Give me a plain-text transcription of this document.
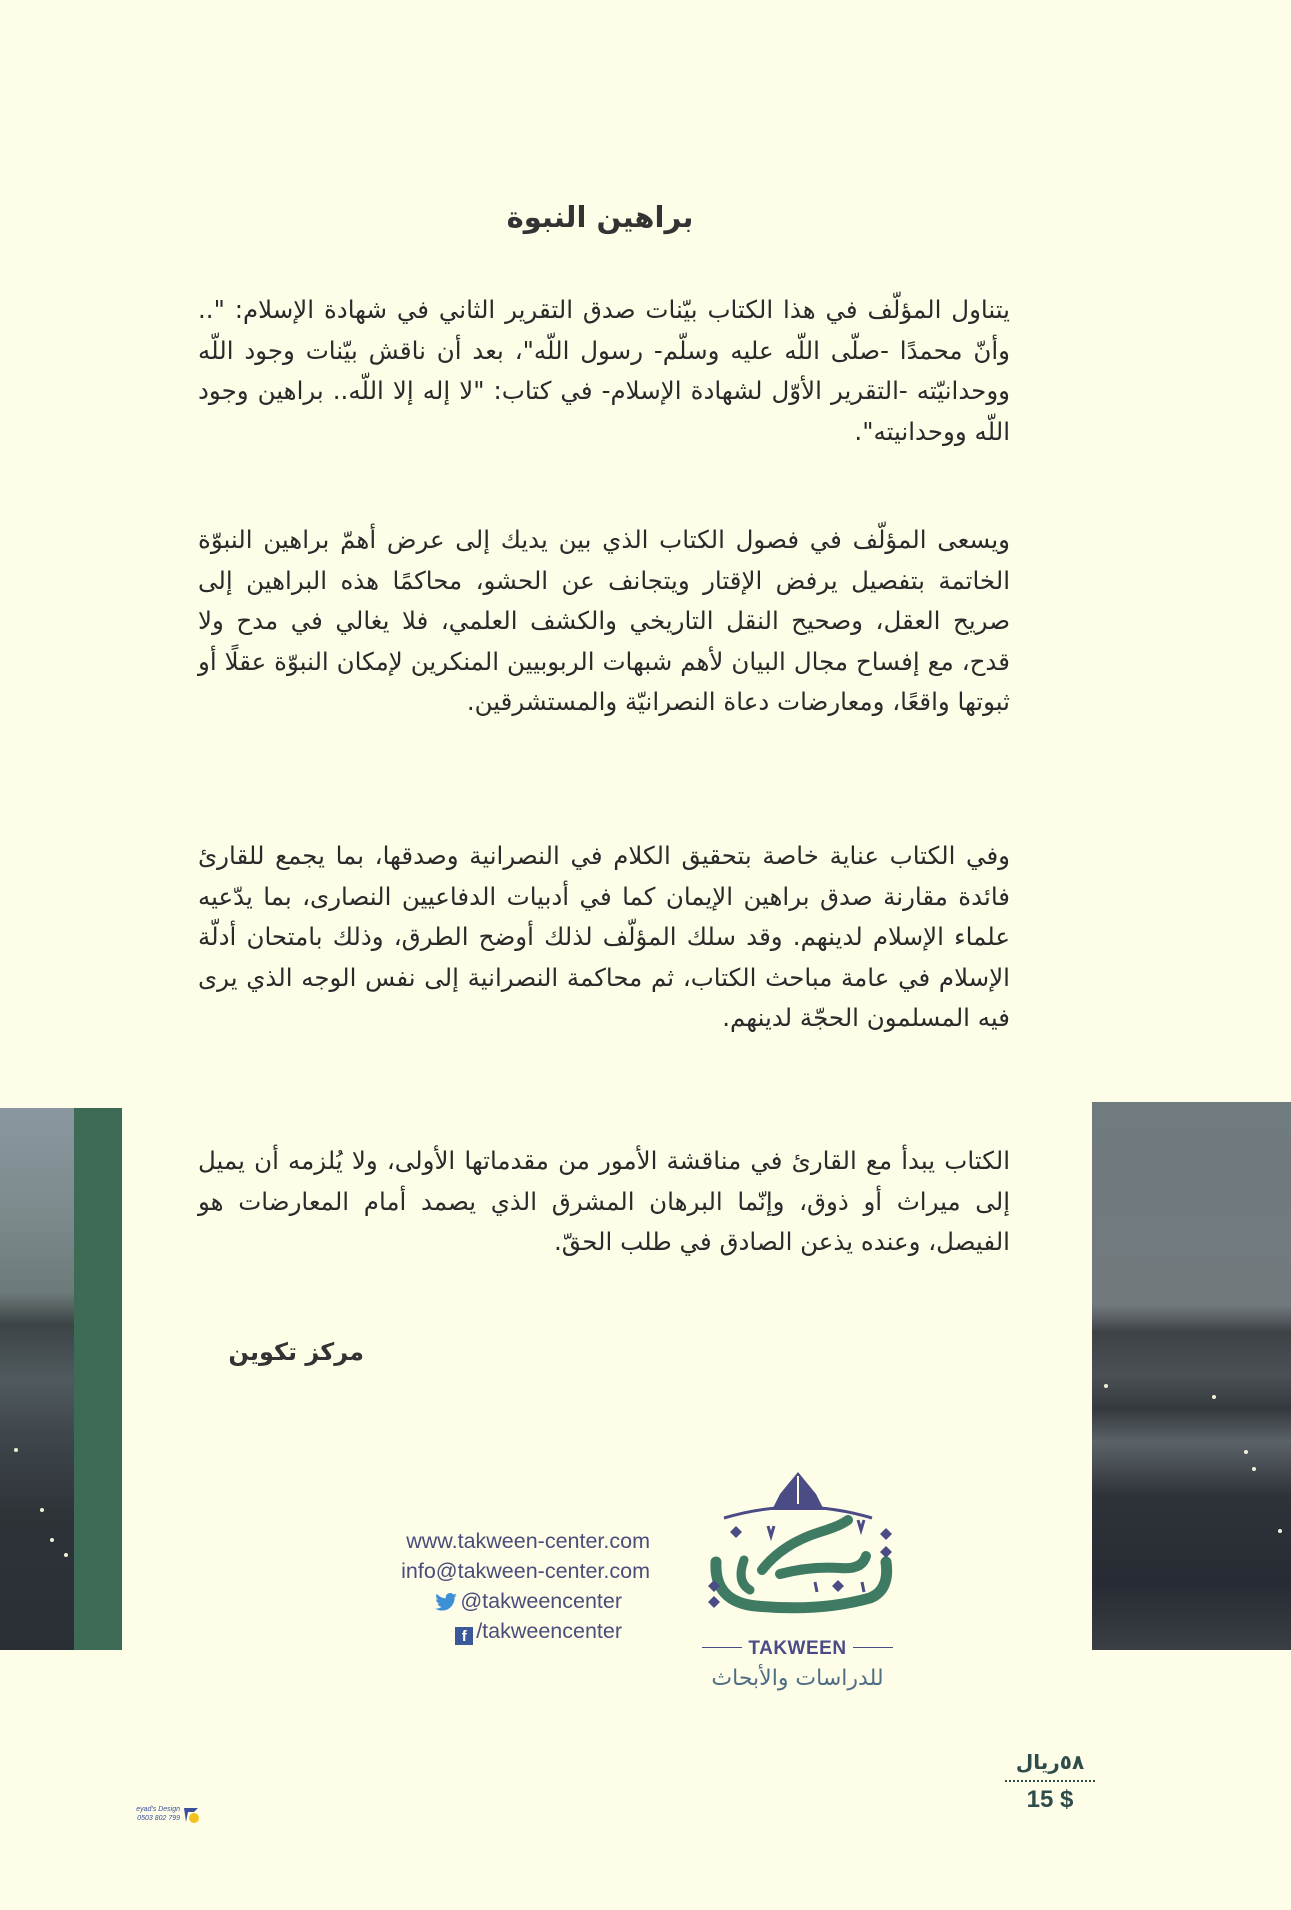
براهين النبوة
يتناول المؤلّف في هذا الكتاب بيّنات صدق التقرير الثاني في شهادة الإسلام: ".. وأنّ محمدًا -صلّى اللّه عليه وسلّم- رسول اللّه"، بعد أن ناقش بيّنات وجود اللّه ووحدانيّته -التقرير الأوّل لشهادة الإسلام- في كتاب: "لا إله إلا اللّه.. براهين وجود اللّه ووحدانيته".
ويسعى المؤلّف في فصول الكتاب الذي بين يديك إلى عرض أهمّ براهين النبوّة الخاتمة بتفصيل يرفض الإقتار ويتجانف عن الحشو، محاكمًا هذه البراهين إلى صريح العقل، وصحيح النقل التاريخي والكشف العلمي، فلا يغالي في مدح ولا قدح، مع إفساح مجال البيان لأهم شبهات الربوبيين المنكرين لإمكان النبوّة عقلًا أو ثبوتها واقعًا، ومعارضات دعاة النصرانيّة والمستشرقين.
وفي الكتاب عناية خاصة بتحقيق الكلام في النصرانية وصدقها، بما يجمع للقارئ فائدة مقارنة صدق براهين الإيمان كما في أدبيات الدفاعيين النصارى، بما يدّعيه علماء الإسلام لدينهم. وقد سلك المؤلّف لذلك أوضح الطرق، وذلك بامتحان أدلّة الإسلام في عامة مباحث الكتاب، ثم محاكمة النصرانية إلى نفس الوجه الذي يرى فيه المسلمون الحجّة لدينهم.
الكتاب يبدأ مع القارئ في مناقشة الأمور من مقدماتها الأولى، ولا يُلزمه أن يميل إلى ميراث أو ذوق، وإنّما البرهان المشرق الذي يصمد أمام المعارضات هو الفيصل، وعنده يذعن الصادق في طلب الحقّ.
مركز تكوين
www.takween-center.com
info@takween-center.com
@takweencenter
f /takweencenter
TAKWEEN
للدراسات والأبحاث
٥٨ريال
15 $
eyad's Design
0503 802 799
